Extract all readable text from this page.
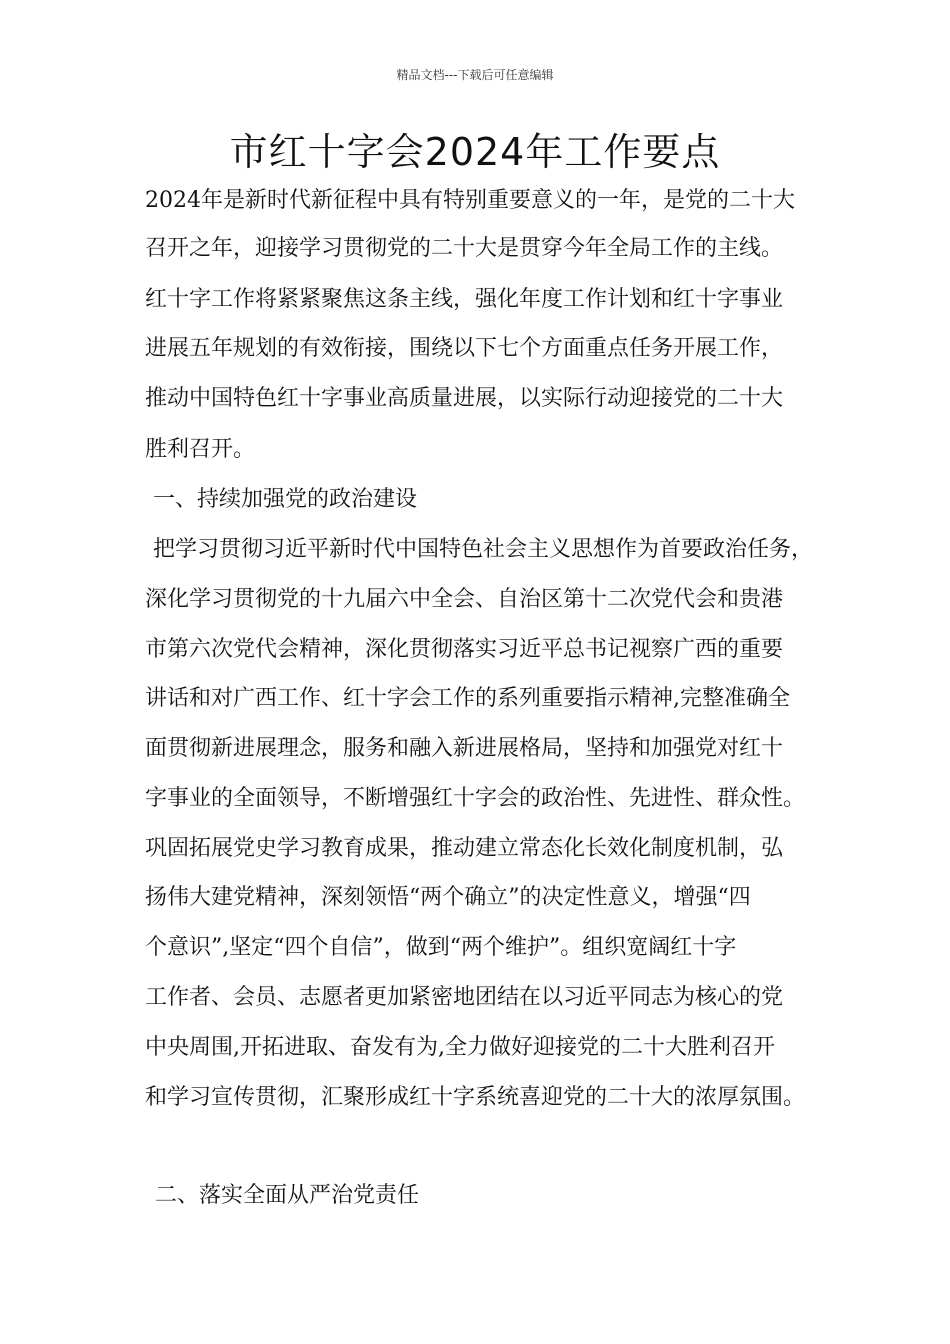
精品文档---下载后可任意编辑
市红十字会2024年工作要点
2024年是新时代新征程中具有特别重要意义的一年，是党的二十大
召开之年，迎接学习贯彻党的二十大是贯穿今年全局工作的主线。
红十字工作将紧紧聚焦这条主线，强化年度工作计划和红十字事业
进展五年规划的有效衔接，围绕以下七个方面重点任务开展工作，
推动中国特色红十字事业高质量进展，以实际行动迎接党的二十大
胜利召开。
一、持续加强党的政治建设
把学习贯彻习近平新时代中国特色社会主义思想作为首要政治任务，
深化学习贯彻党的十九届六中全会、自治区第十二次党代会和贵港
市第六次党代会精神，深化贯彻落实习近平总书记视察广西的重要
讲话和对广西工作、红十字会工作的系列重要指示精神,完整准确全
面贯彻新进展理念，服务和融入新进展格局，坚持和加强党对红十
字事业的全面领导，不断增强红十字会的政治性、先进性、群众性。
巩固拓展党史学习教育成果，推动建立常态化长效化制度机制，弘
扬伟大建党精神，深刻领悟“两个确立”的决定性意义，增强“四
个意识”,坚定“四个自信”，做到“两个维护”。组织宽阔红十字
工作者、会员、志愿者更加紧密地团结在以习近平同志为核心的党
中央周围,开拓进取、奋发有为,全力做好迎接党的二十大胜利召开
和学习宣传贯彻，汇聚形成红十字系统喜迎党的二十大的浓厚氛围。
二、落实全面从严治党责任
